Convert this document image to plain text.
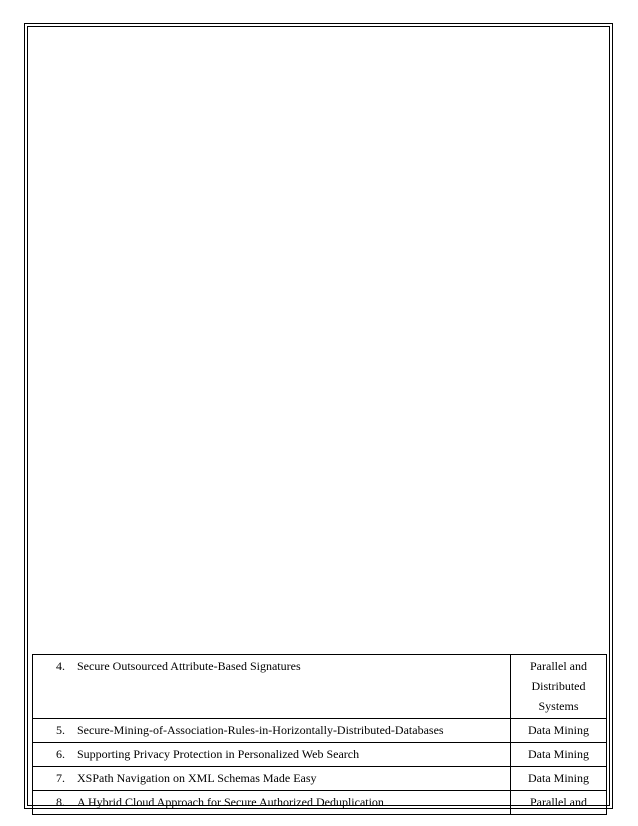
4. Secure Outsourced Attribute-Based Signatures	Parallel and Distributed Systems

5. Secure-Mining-of-Association-Rules-in-Horizontally-Distributed-Databases	Data Mining

6. Supporting Privacy Protection in Personalized Web Search	Data Mining

7. XSPath Navigation on XML Schemas Made Easy	Data Mining

8. A Hybrid Cloud Approach for Secure Authorized Deduplication	Parallel and
